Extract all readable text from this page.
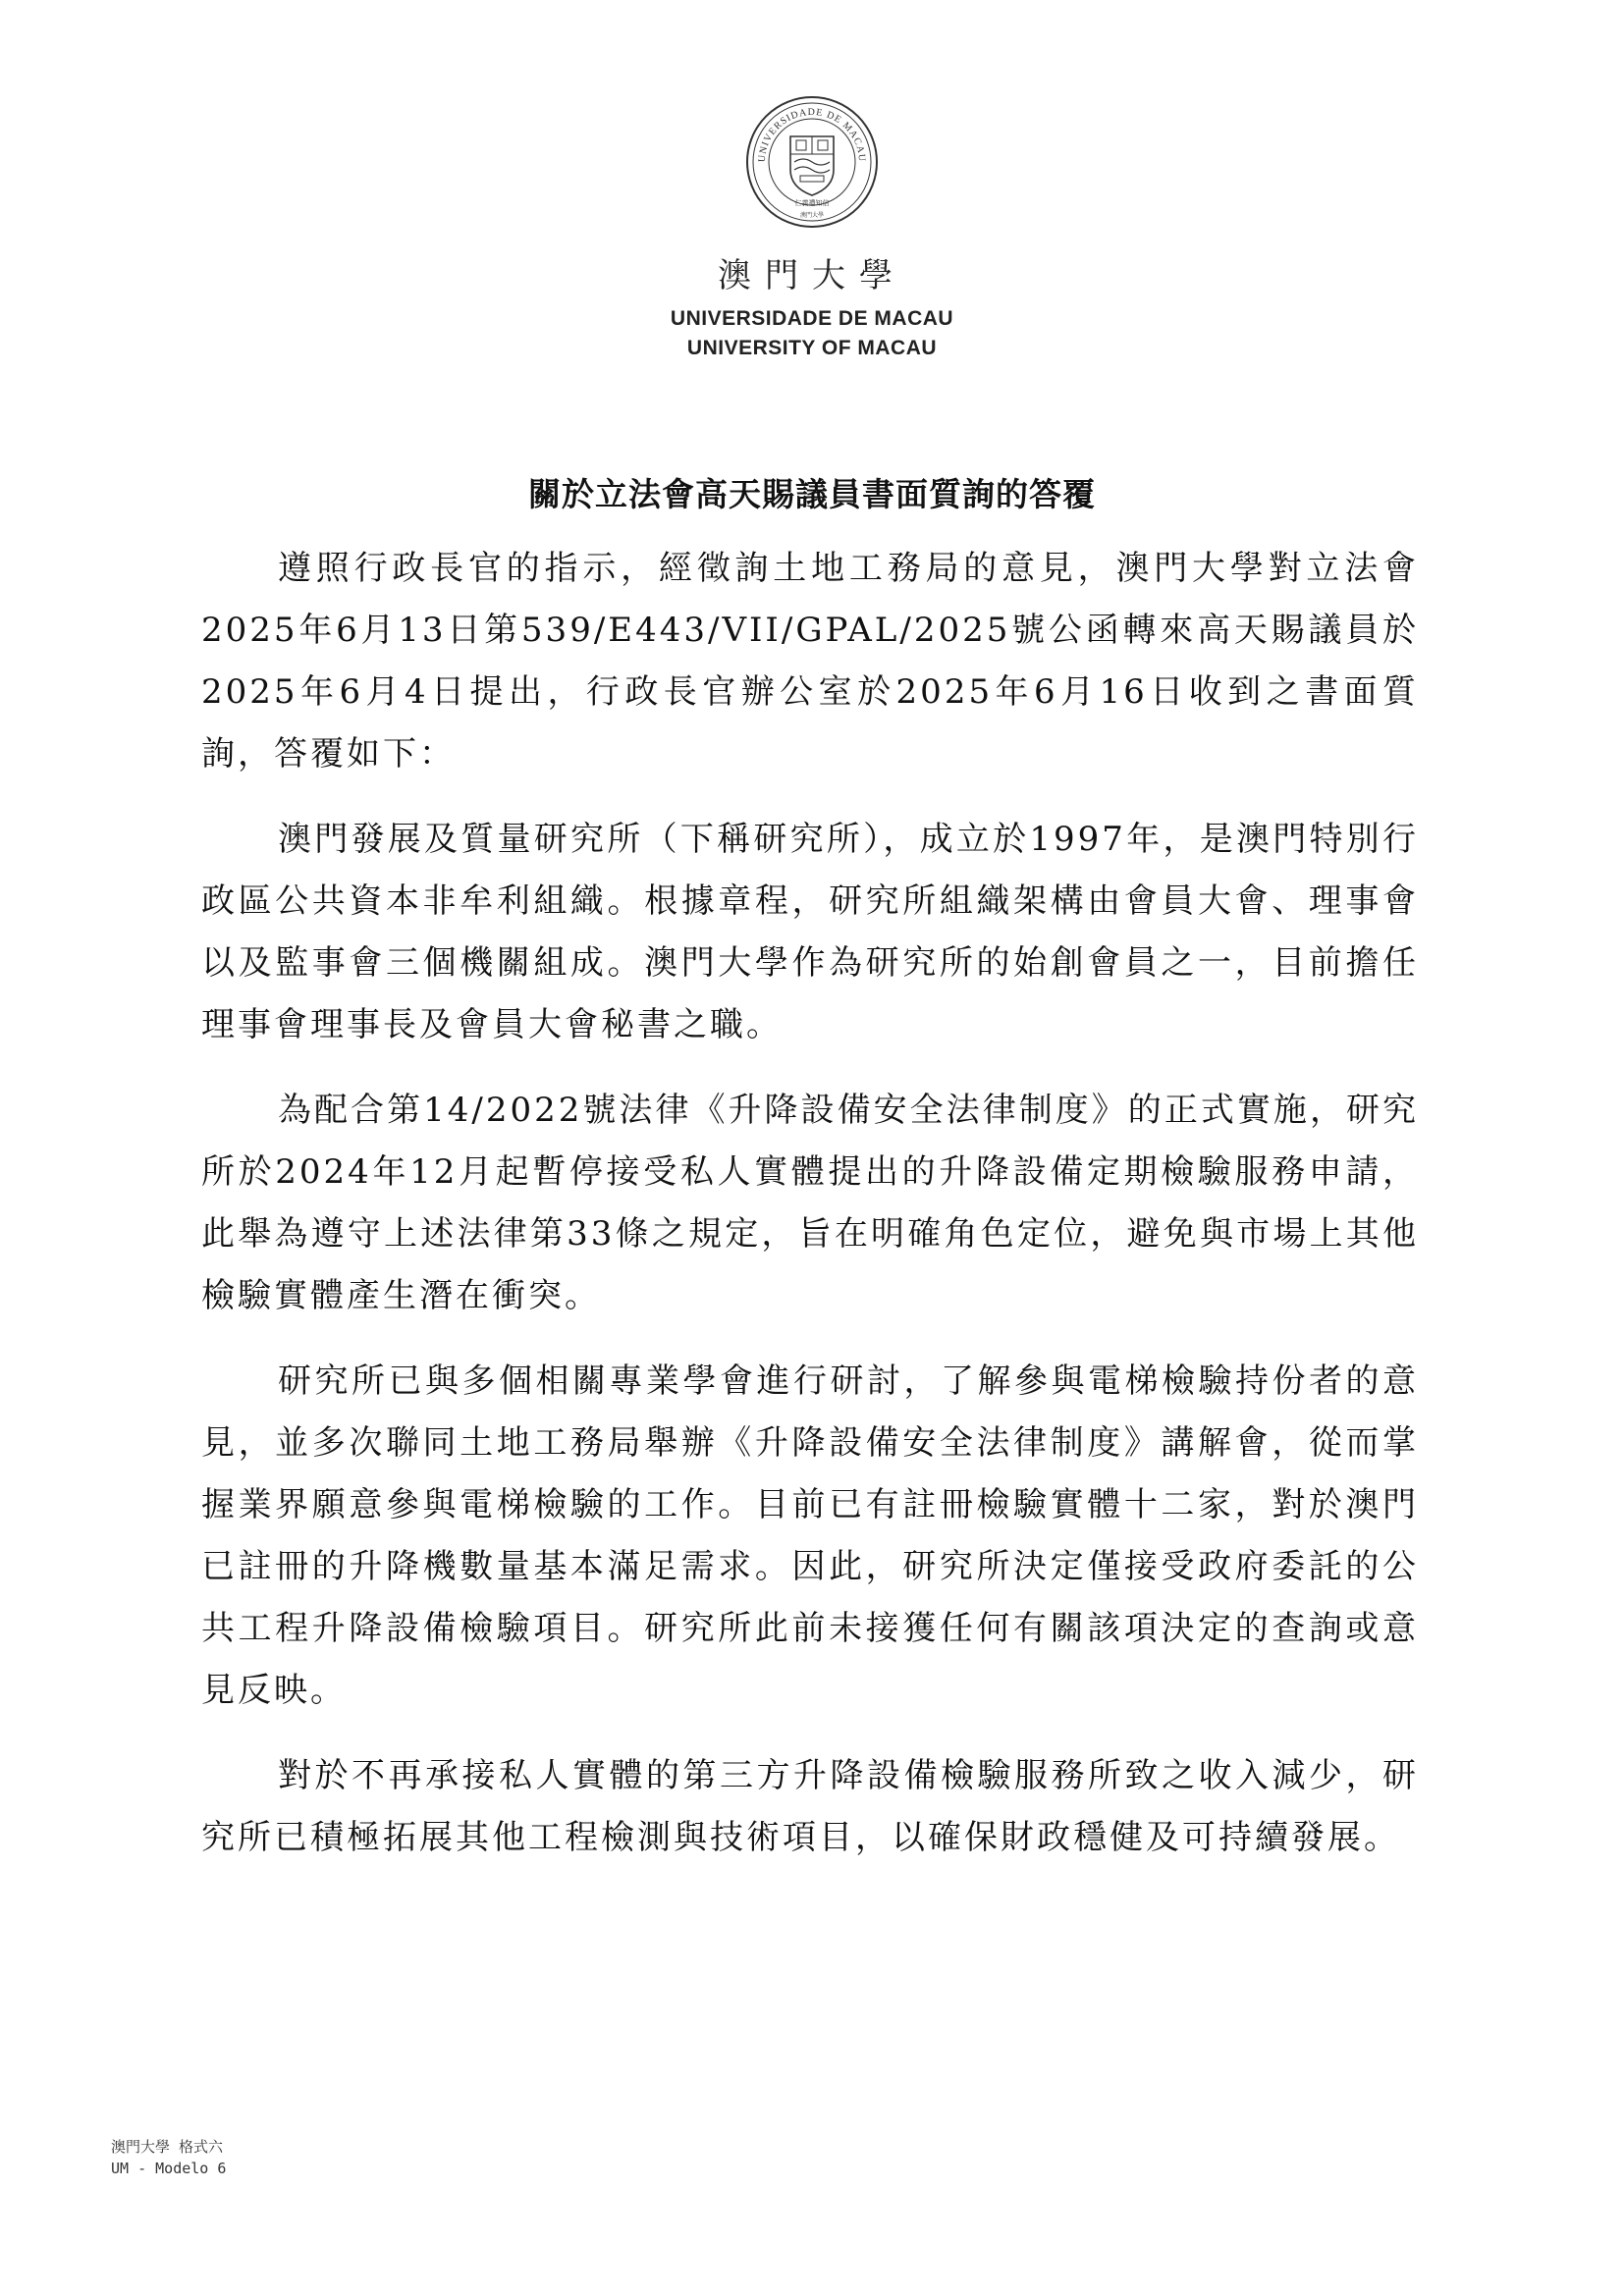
UNIVERSIDADE DE MACAU
仁義禮知信
澳門大學
澳門大學
UNIVERSIDADE DE MACAU
UNIVERSITY OF MACAU
關於立法會高天賜議員書面質詢的答覆

遵照行政長官的指示，經徵詢土地工務局的意見，澳門大學對立法會2025年6月13日第539/E443/VII/GPAL/2025號公函轉來高天賜議員於2025年6月4日提出，行政長官辦公室於2025年6月16日收到之書面質詢，答覆如下：

澳門發展及質量研究所（下稱研究所），成立於1997年，是澳門特別行政區公共資本非牟利組織。根據章程，研究所組織架構由會員大會、理事會以及監事會三個機關組成。澳門大學作為研究所的始創會員之一，目前擔任理事會理事長及會員大會秘書之職。

為配合第14/2022號法律《升降設備安全法律制度》的正式實施，研究所於2024年12月起暫停接受私人實體提出的升降設備定期檢驗服務申請，此舉為遵守上述法律第33條之規定，旨在明確角色定位，避免與市場上其他檢驗實體產生潛在衝突。

研究所已與多個相關專業學會進行研討，了解參與電梯檢驗持份者的意見，並多次聯同土地工務局舉辦《升降設備安全法律制度》講解會，從而掌握業界願意參與電梯檢驗的工作。目前已有註冊檢驗實體十二家，對於澳門已註冊的升降機數量基本滿足需求。因此，研究所決定僅接受政府委託的公共工程升降設備檢驗項目。研究所此前未接獲任何有關該項決定的查詢或意見反映。

對於不再承接私人實體的第三方升降設備檢驗服務所致之收入減少，研究所已積極拓展其他工程檢測與技術項目，以確保財政穩健及可持續發展。

澳門大學 格式六
UM - Modelo 6
